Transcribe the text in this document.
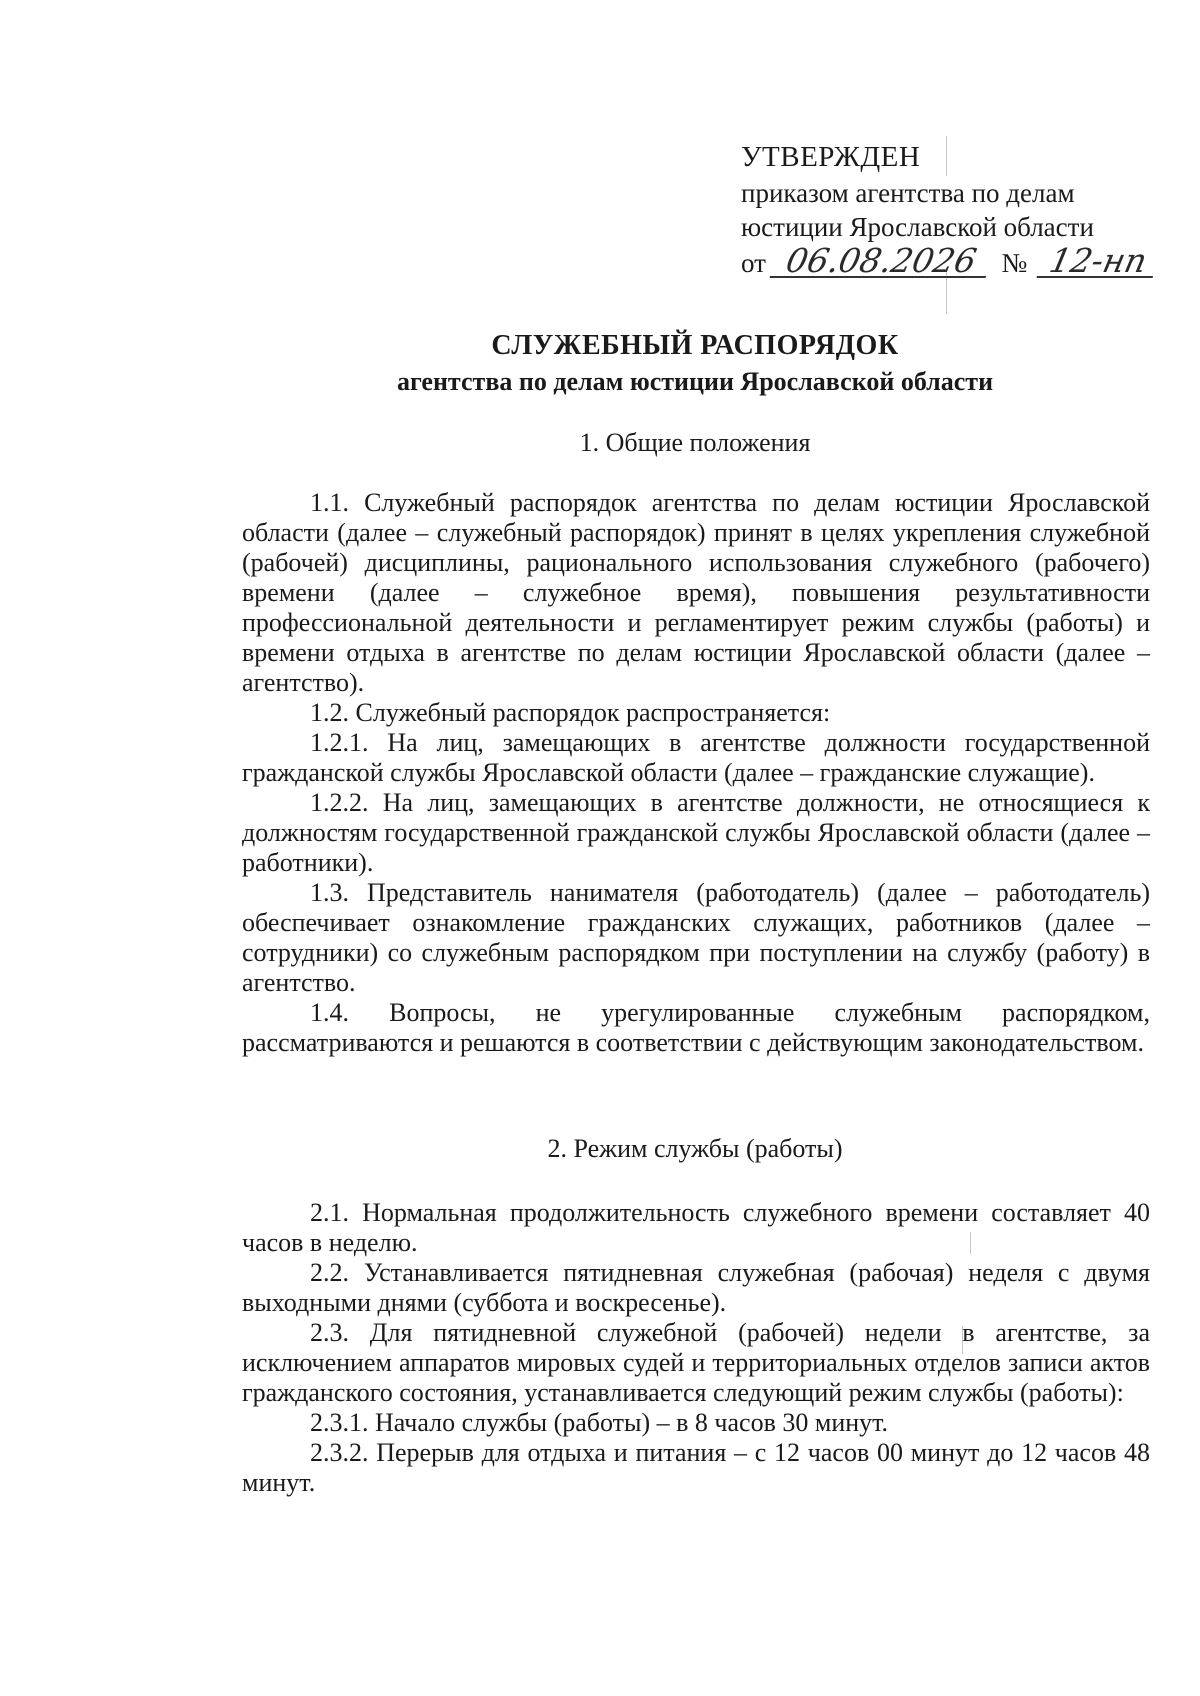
УТВЕРЖДЕН
приказом агентства по делам
юстиции Ярославской области
от 06.08.2026 № 12-нп
СЛУЖЕБНЫЙ РАСПОРЯДОК
агентства по делам юстиции Ярославской области
1. Общие положения

1.1. Служебный распорядок агентства по делам юстиции Ярославской области (далее – служебный распорядок) принят в целях укрепления служебной (рабочей) дисциплины, рационального использования служебного (рабочего) времени (далее – служебное время), повышения результативности профессиональной деятельности и регламентирует режим службы (работы) и времени отдыха в агентстве по делам юстиции Ярославской области (далее – агентство).

1.2. Служебный распорядок распространяется:

1.2.1. На лиц, замещающих в агентстве должности государственной гражданской службы Ярославской области (далее – гражданские служащие).

1.2.2. На лиц, замещающих в агентстве должности, не относящиеся к должностям государственной гражданской службы Ярославской области (далее – работники).

1.3. Представитель нанимателя (работодатель) (далее – работодатель) обеспечивает ознакомление гражданских служащих, работников (далее – сотрудники) со служебным распорядком при поступлении на службу (работу) в агентство.

1.4. Вопросы, не урегулированные служебным распорядком, рассматриваются и решаются в соответствии с действующим законодательством.

2. Режим службы (работы)

2.1. Нормальная продолжительность служебного времени составляет 40 часов в неделю.

2.2. Устанавливается пятидневная служебная (рабочая) неделя с двумя выходными днями (суббота и воскресенье).

2.3. Для пятидневной служебной (рабочей) недели в агентстве, за исключением аппаратов мировых судей и территориальных отделов записи актов гражданского состояния, устанавливается следующий режим службы (работы):

2.3.1. Начало службы (работы) – в 8 часов 30 минут.

2.3.2. Перерыв для отдыха и питания – с 12 часов 00 минут до 12 часов 48 минут.
